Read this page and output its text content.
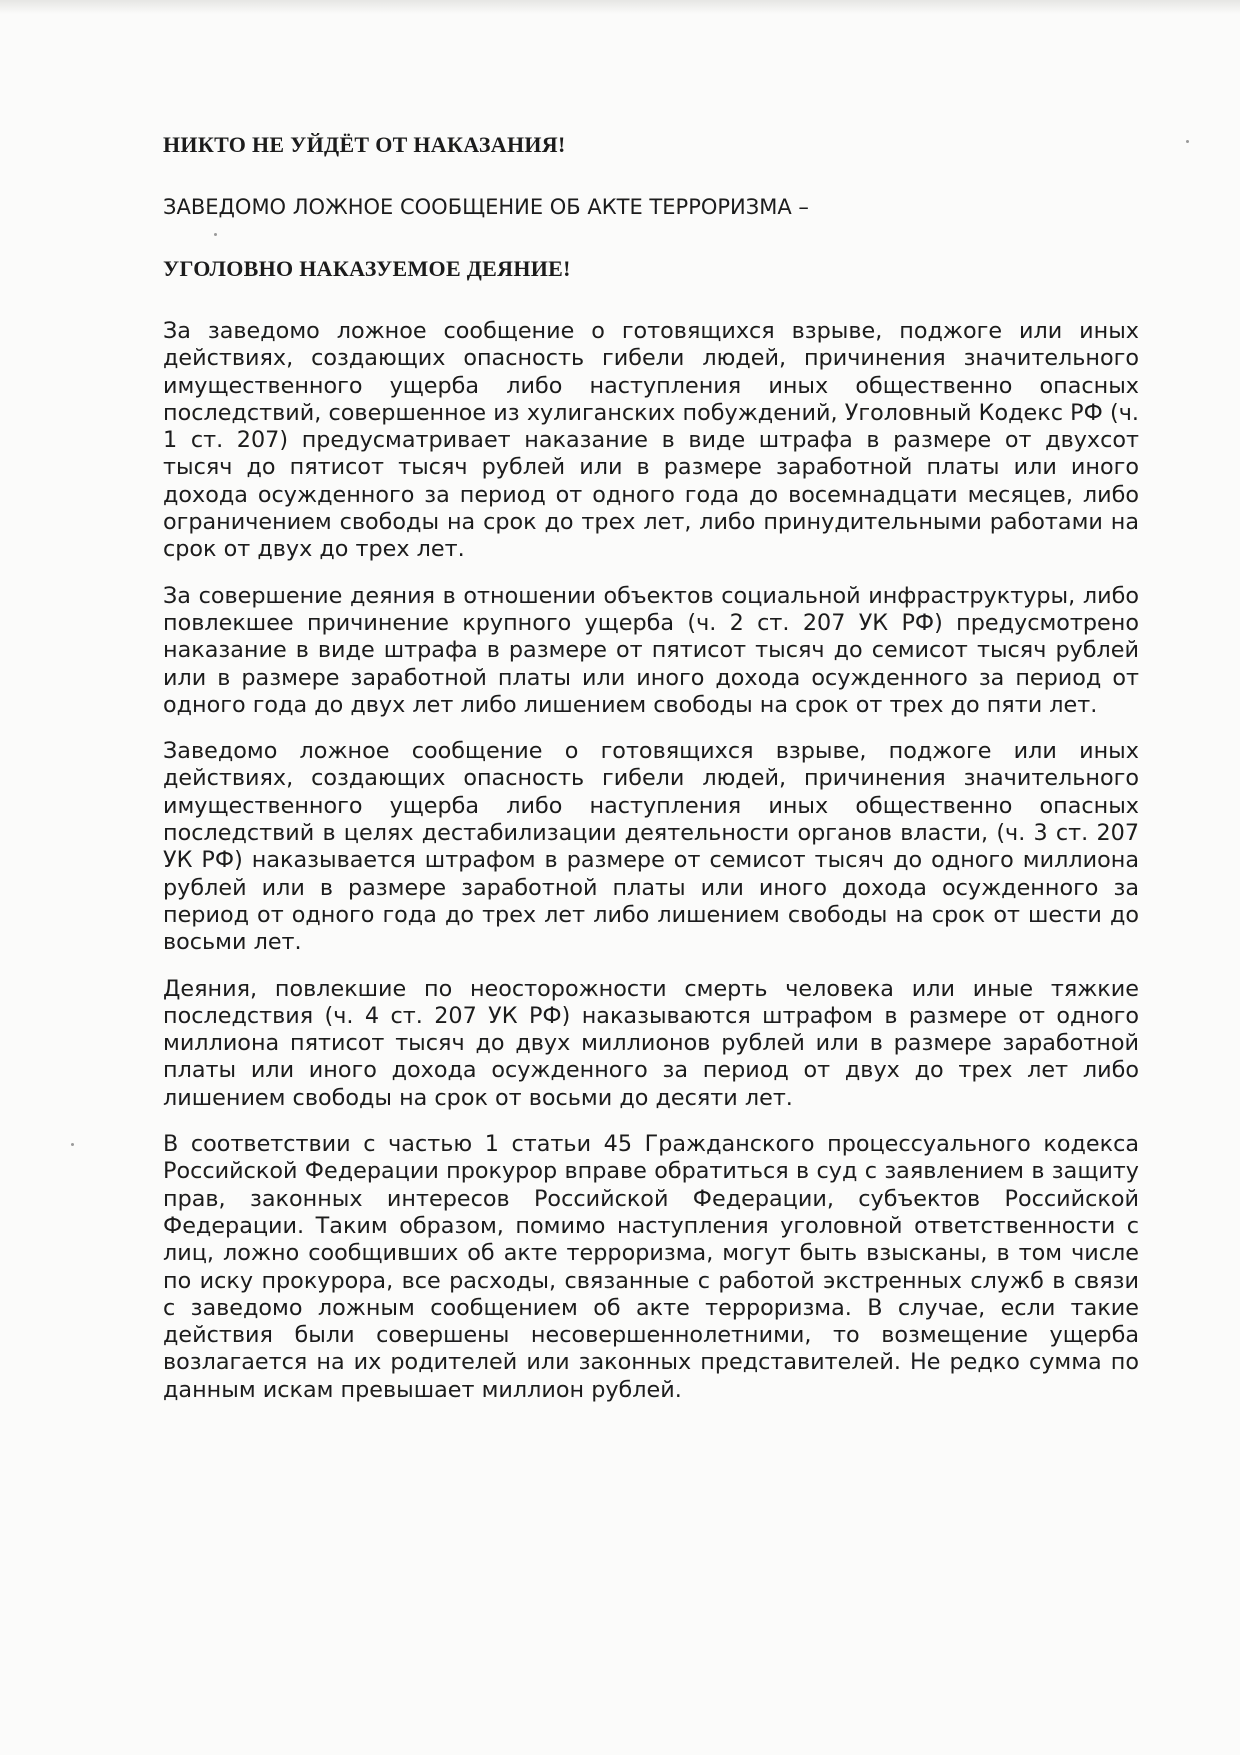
НИКТО НЕ УЙДЁТ ОТ НАКАЗАНИЯ!

ЗАВЕДОМО ЛОЖНОЕ СООБЩЕНИЕ ОБ АКТЕ ТЕРРОРИЗМА –

УГОЛОВНО НАКАЗУЕМОЕ ДЕЯНИЕ!

За заведомо ложное сообщение о готовящихся взрыве, поджоге или иных действиях, создающих опасность гибели людей, причинения значительного имущественного ущерба либо наступления иных общественно опасных последствий, совершенное из хулиганских побуждений, Уголовный Кодекс РФ (ч. 1 ст. 207) предусматривает наказание в виде штрафа в размере от двухсот тысяч до пятисот тысяч рублей или в размере заработной платы или иного дохода осужденного за период от одного года до восемнадцати месяцев, либо ограничением свободы на срок до трех лет, либо принудительными работами на срок от двух до трех лет.

За совершение деяния в отношении объектов социальной инфраструктуры, либо повлекшее причинение крупного ущерба (ч. 2 ст. 207 УК РФ) предусмотрено наказание в виде штрафа в размере от пятисот тысяч до семисот тысяч рублей или в размере заработной платы или иного дохода осужденного за период от одного года до двух лет либо лишением свободы на срок от трех до пяти лет.

Заведомо ложное сообщение о готовящихся взрыве, поджоге или иных действиях, создающих опасность гибели людей, причинения значительного имущественного ущерба либо наступления иных общественно опасных последствий в целях дестабилизации деятельности органов власти, (ч. 3 ст. 207 УК РФ) наказывается штрафом в размере от семисот тысяч до одного миллиона рублей или в размере заработной платы или иного дохода осужденного за период от одного года до трех лет либо лишением свободы на срок от шести до восьми лет.

Деяния, повлекшие по неосторожности смерть человека или иные тяжкие последствия (ч. 4 ст. 207 УК РФ) наказываются штрафом в размере от одного миллиона пятисот тысяч до двух миллионов рублей или в размере заработной платы или иного дохода осужденного за период от двух до трех лет либо лишением свободы на срок от восьми до десяти лет.

В соответствии с частью 1 статьи 45 Гражданского процессуального кодекса Российской Федерации прокурор вправе обратиться в суд с заявлением в защиту прав, законных интересов Российской Федерации, субъектов Российской Федерации. Таким образом, помимо наступления уголовной ответственности с лиц, ложно сообщивших об акте терроризма, могут быть взысканы, в том числе по иску прокурора, все расходы, связанные с работой экстренных служб в связи с заведомо ложным сообщением об акте терроризма. В случае, если такие действия были совершены несовершеннолетними, то возмещение ущерба возлагается на их родителей или законных представителей. Не редко сумма по данным искам превышает миллион рублей.
